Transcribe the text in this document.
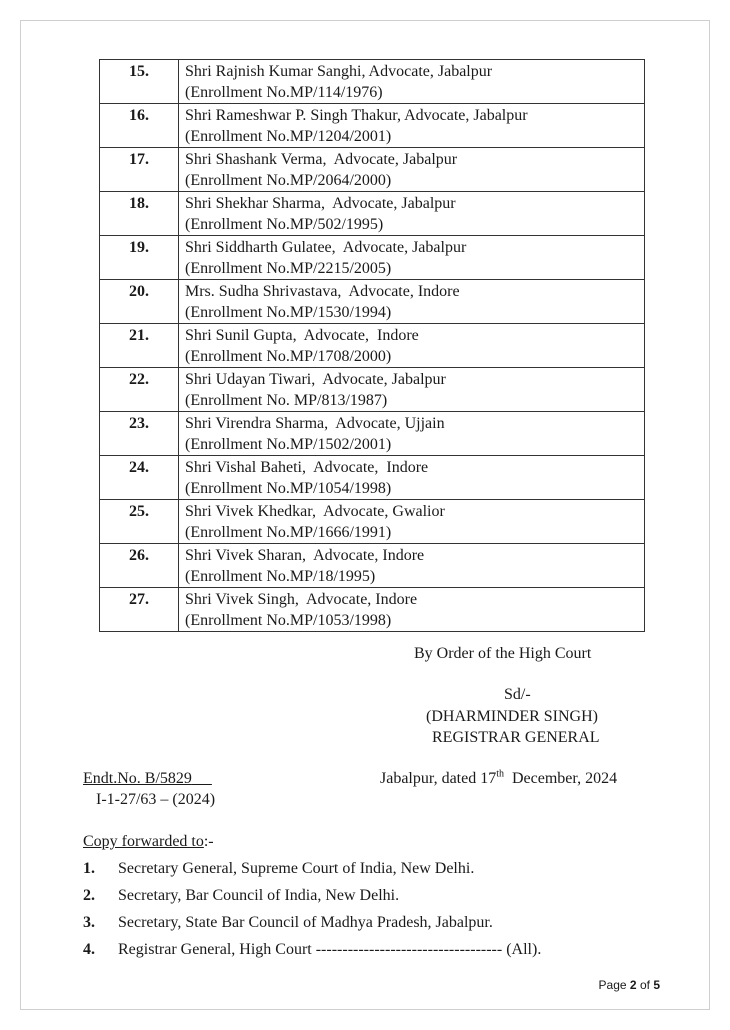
15.	Shri Rajnish Kumar Sanghi, Advocate, Jabalpur
(Enrollment No.MP/114/1976)

16.	Shri Rameshwar P. Singh Thakur, Advocate, Jabalpur
(Enrollment No.MP/1204/2001)

17.	Shri Shashank Verma,  Advocate, Jabalpur
(Enrollment No.MP/2064/2000)

18.	Shri Shekhar Sharma,  Advocate, Jabalpur
(Enrollment No.MP/502/1995)

19.	Shri Siddharth Gulatee,  Advocate, Jabalpur
(Enrollment No.MP/2215/2005)

20.	Mrs. Sudha Shrivastava,  Advocate, Indore
(Enrollment No.MP/1530/1994)

21.	Shri Sunil Gupta,  Advocate,  Indore
(Enrollment No.MP/1708/2000)

22.	Shri Udayan Tiwari,  Advocate, Jabalpur
(Enrollment No. MP/813/1987)

23.	Shri Virendra Sharma,  Advocate, Ujjain
(Enrollment No.MP/1502/2001)

24.	Shri Vishal Baheti,  Advocate,  Indore
(Enrollment No.MP/1054/1998)

25.	Shri Vivek Khedkar,  Advocate, Gwalior
(Enrollment No.MP/1666/1991)

26.	Shri Vivek Sharan,  Advocate, Indore
(Enrollment No.MP/18/1995)

27.	Shri Vivek Singh,  Advocate, Indore
(Enrollment No.MP/1053/1998)
By Order of the High Court
Sd/-
(DHARMINDER SINGH)
REGISTRAR GENERAL
Endt.No. B/5829
I-1-27/63 – (2024)
Jabalpur, dated 17th  December, 2024
Copy forwarded to:-
1. Secretary General, Supreme Court of India, New Delhi.
2. Secretary, Bar Council of India, New Delhi.
3. Secretary, State Bar Council of Madhya Pradesh, Jabalpur.
4. Registrar General, High Court ----------------------------------- (All).
Page 2 of 5
